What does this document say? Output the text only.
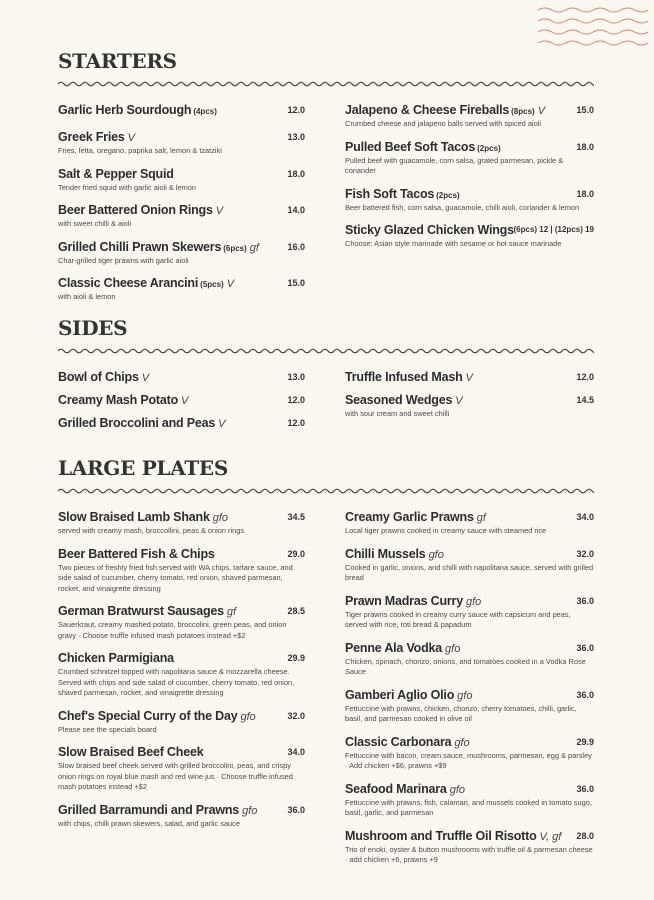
STARTERS
Garlic Herb Sourdough (4pcs)	12.0
Greek Fries V	13.0
Fries, fetta, oregano, paprika salt, lemon & tzatziki
Salt & Pepper Squid	18.0
Tender fried squid with garlic aioli & lemon
Beer Battered Onion Rings V	14.0
with sweet chilli & aioli
Grilled Chilli Prawn Skewers (6pcs) gf	16.0
Char-grilled tiger prawns with garlic aioli
Classic Cheese Arancini (5pcs) V	15.0
with aioli & lemon
Jalapeno & Cheese Fireballs (8pcs) V	15.0
Crumbed cheese and jalapeno balls served with spiced aioli
Pulled Beef Soft Tacos (2pcs)	18.0
Pulled beef with guacamole, corn salsa, grated parmesan, pickle & coriander
Fish Soft Tacos (2pcs)	18.0
Beer battered fish, corn salsa, guacamole, chilli aioli, coriander & lemon
Sticky Glazed Chicken Wings (6pcs) 12 | (12pcs) 19
Choose: Asian style marinade with sesame or hot sauce marinade
SIDES
Bowl of Chips V	13.0
Creamy Mash Potato V	12.0
Grilled Broccolini and Peas V	12.0
Truffle Infused Mash V	12.0
Seasoned Wedges V	14.5
with sour cream and sweet chilli
LARGE PLATES
Slow Braised Lamb Shank gfo	34.5
served with creamy mash, broccollini, peas & onion rings
Beer Battered Fish & Chips	29.0
Two pieces of freshly fried fish served with WA chips, tartare sauce, and side salad of cucumber, cherry tomato, red onion, shaved parmesan, rocket, and vinaigrette dressing
German Bratwurst Sausages gf	28.5
Sauerkraut, creamy mashed potato, broccolini, green peas, and onion gravy · Choose truffle infused mash potatoes instead +$2
Chicken Parmigiana	29.9
Crumbed schnitzel topped with napolitana sauce & mozzarella cheese. Served with chips and side salad of cucumber, cherry tomato, red onion, shaved parmesan, rocket, and vinaigrette dressing
Chef's Special Curry of the Day gfo	32.0
Please see the specials board
Slow Braised Beef Cheek	34.0
Slow braised beef cheek served with grilled broccolini, peas, and crispy onion rings on royal blue mash and red wine jus · Choose truffle infused mash potatoes instead +$2
Grilled Barramundi and Prawns gfo	36.0
with chips, chilli prawn skewers, salad, and garlic sauce
Creamy Garlic Prawns gf	34.0
Local tiger prawns cooked in creamy sauce with steamed rice
Chilli Mussels gfo	32.0
Cooked in garlic, onions, and chilli with napolitana sauce, served with grilled bread
Prawn Madras Curry gfo	36.0
Tiger prawns cooked in creamy curry sauce with capsicum and peas, served with rice, roti bread & papadum
Penne Ala Vodka gfo	36.0
Chicken, spinach, chorizo, onions, and tomatoes cooked in a Vodka Rose Sauce
Gamberi Aglio Olio gfo	36.0
Fettuccine with prawns, chicken, chorizo, cherry tomatoes, chilli, garlic, basil, and parmesan cooked in olive oil
Classic Carbonara gfo	29.9
Fettuccine with bacon, cream sauce, mushrooms, parmesan, egg & parsley · Add chicken +$6, prawns +$9
Seafood Marinara gfo	36.0
Fettuccine with prawns, fish, calamari, and mussels cooked in tomato sugo, basil, garlic, and parmesan
Mushroom and Truffle Oil Risotto V, gf 28.0
Trio of enoki, oyster & button mushrooms with truffle oil & parmesan cheese · add chicken +6, prawns +9
